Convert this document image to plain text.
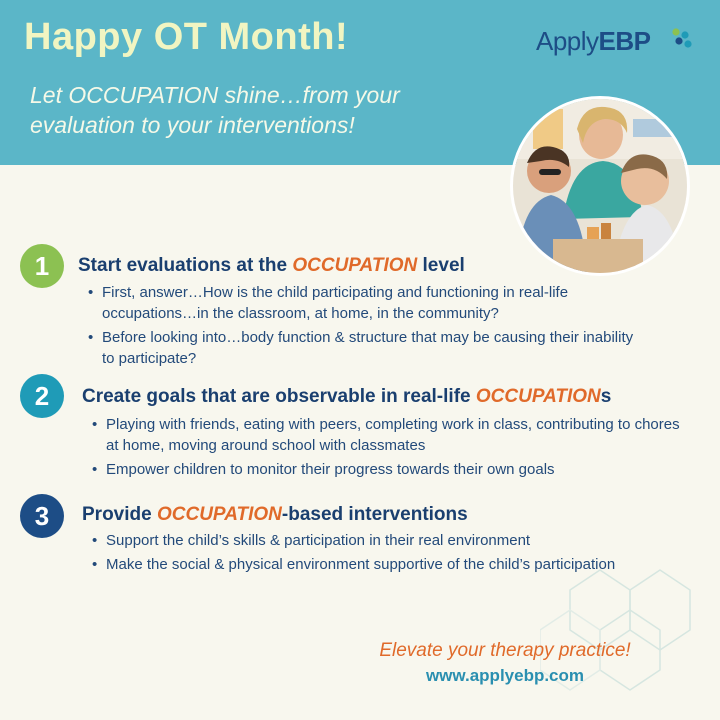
Happy OT Month!

Let OCCUPATION shine…from your evaluation to your interventions!

ApplyEBP
1	Start evaluations at the OCCUPATION level
• First, answer…How is the child participating and functioning in real-life occupations…in the classroom, at home, in the community?
• Before looking into…body function & structure that may be causing their inability to participate?
2	Create goals that are observable in real-life OCCUPATIONs
• Playing with friends, eating with peers, completing work in class, contributing to chores at home, moving around school with classmates
• Empower children to monitor their progress towards their own goals
3	Provide OCCUPATION-based interventions
• Support the child’s skills & participation in their real environment
• Make the social & physical environment supportive of the child’s participation
Elevate your therapy practice!
www.applyebp.com
